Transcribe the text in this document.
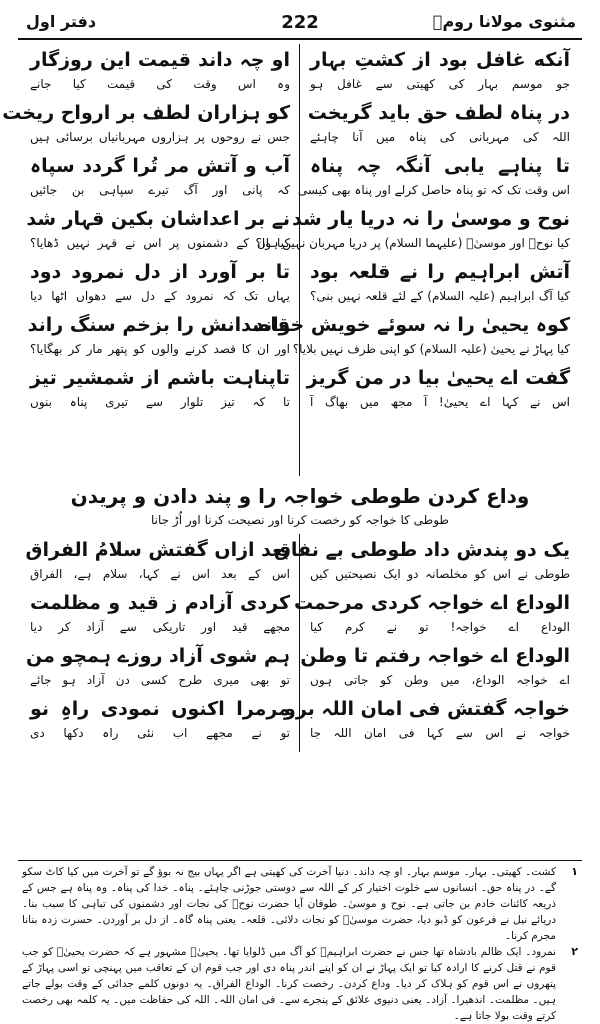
مثنوی مولانا رومؒ
222
دفتر اول
آنکه غافل بود از کشتِ بہار
جو موسم بہار کی کھیتی سے غافل ہو
او چہ داند قیمت این روزگار
وہ اس وقت کی قیمت کیا جانے
در پناہ لطف حق باید گریخت
اللہ کی مہربانی کی پناہ میں آنا چاہئے
کو ہزاران لطف بر ارواح ریخت
جس نے روحوں پر ہزاروں مہربانیاں برسائی ہیں
تا پناہے یابی آنگہ چہ پناہ
اس وقت تک کہ تو پناہ حاصل کرلے اور پناہ بھی کیسی
آب و آتش مر تُرا گردد سپاہ
کہ پانی اور آگ تیرے سپاہی بن جائیں
نوح و موسیٰ را نہ دریا یار شد
کیا نوحؑ اور موسیٰؑ (علیہما السلام) پر دریا مہربان نہیں ہوا؟
نے بر اعداشان بکین قہار شد
کیا ان کے دشمنوں پر اس نے قہر نہیں ڈھایا؟
آتش ابراہیم را نے قلعہ بود
کیا آگ ابراہیم (علیہ السلام) کے لئے قلعہ نہیں بنی؟
تا بر آورد از دل نمرود دود
یہاں تک کہ نمرود کے دل سے دھواں اٹھا دیا
کوہ یحییٰ را نہ سوئے خویش خواند
کیا پہاڑ نے یحییٰ (علیہ السلام) کو اپنی طرف نہیں بلایا؟
قاصدانش را بزخم سنگ راند
اور ان کا قصد کرنے والوں کو پتھر مار کر بھگایا؟
گفت اے یحییٰ بیا در من گریز
اس نے کہا اے یحییٰ! آ مجھ میں بھاگ آ
تاپناہت باشم از شمشیر تیز
تا کہ تیز تلوار سے تیری پناہ بنوں
وداع کردن طوطی خواجہ را و پند دادن و پریدن
طوطی کا خواجہ کو رخصت کرنا اور نصیحت کرنا اور اُڑ جانا
یک دو پندش داد طوطی بے نفاق
طوطی نے اس کو مخلصانہ دو ایک نصیحتیں کیں
بعد ازاں گفتش سلامُ الفراق
اس کے بعد اس نے کہا، سلام ہے، الفراق
الوداع اے خواجہ کردی مرحمت
الوداع اے خواجہ! تو نے کرم کیا
کردی آزادم ز قید و مظلمت
مجھے قید اور تاریکی سے آزاد کر دیا
الوداع اے خواجہ رفتم تا وطن
اے خواجہ الوداع، میں وطن کو جاتی ہوں
ہم شوی آزاد روزے ہمچو من
تو بھی میری طرح کسی دن آزاد ہو جائے
خواجہ گفتش فی امان اللہ برو
خواجہ نے اس سے کہا فی امان اللہ جا
مرمرا اکنوں نمودی راہِ نو
تو نے مجھے اب نئی راہ دکھا دی
۱
کشت۔ کھیتی۔ بہار۔ موسم بہار۔ او چہ داند۔ دنیا آخرت کی کھیتی ہے اگر یہاں بیج نہ بوؤ گے تو آخرت میں کیا کاٹ سکو گے۔ در پناہ حق۔ انسانوں سے خلوت اختیار کر کے اللہ سے دوستی جوڑنی چاہئے۔ پناہ۔ خدا کی پناہ۔ وہ پناہ ہے جس کے ذریعہ کائنات خادم بن جاتی ہے۔ نوح و موسیٰ۔ طوفان آیا حضرت نوحؑ کی نجات اور دشمنوں کی تباہی کا سبب بنا۔ دریائے نیل نے فرعون کو ڈبو دیا، حضرت موسیٰؑ کو نجات دلائی۔ قلعہ۔ یعنی پناہ گاہ۔ از دل بر آوردن۔ حسرت زدہ بنانا مجرم کرنا۔
۲
نمرود۔ ایک ظالم بادشاہ تھا جس نے حضرت ابراہیمؑ کو آگ میں ڈلوایا تھا۔ یحییٰؑ مشہور ہے کہ حضرت یحییٰؑ کو جب قوم نے قتل کرنے کا ارادہ کیا تو ایک پہاڑ نے ان کو اپنے اندر پناہ دی اور جب قوم ان کے تعاقب میں پہنچی تو اسی پہاڑ کے پتھروں نے اس قوم کو ہلاک کر دیا۔ وداع کردن۔ رخصت کرنا۔ الوداع الفراق۔ یہ دونوں کلمے جدائی کے وقت بولے جاتے ہیں۔ مظلمت۔ اندھیرا۔ آزاد۔ یعنی دنیوی علائق کے پنجرے سے۔ فی امان اللہ۔ اللہ کی حفاظت میں۔ یہ کلمہ بھی رخصت کرتے وقت بولا جاتا ہے۔
